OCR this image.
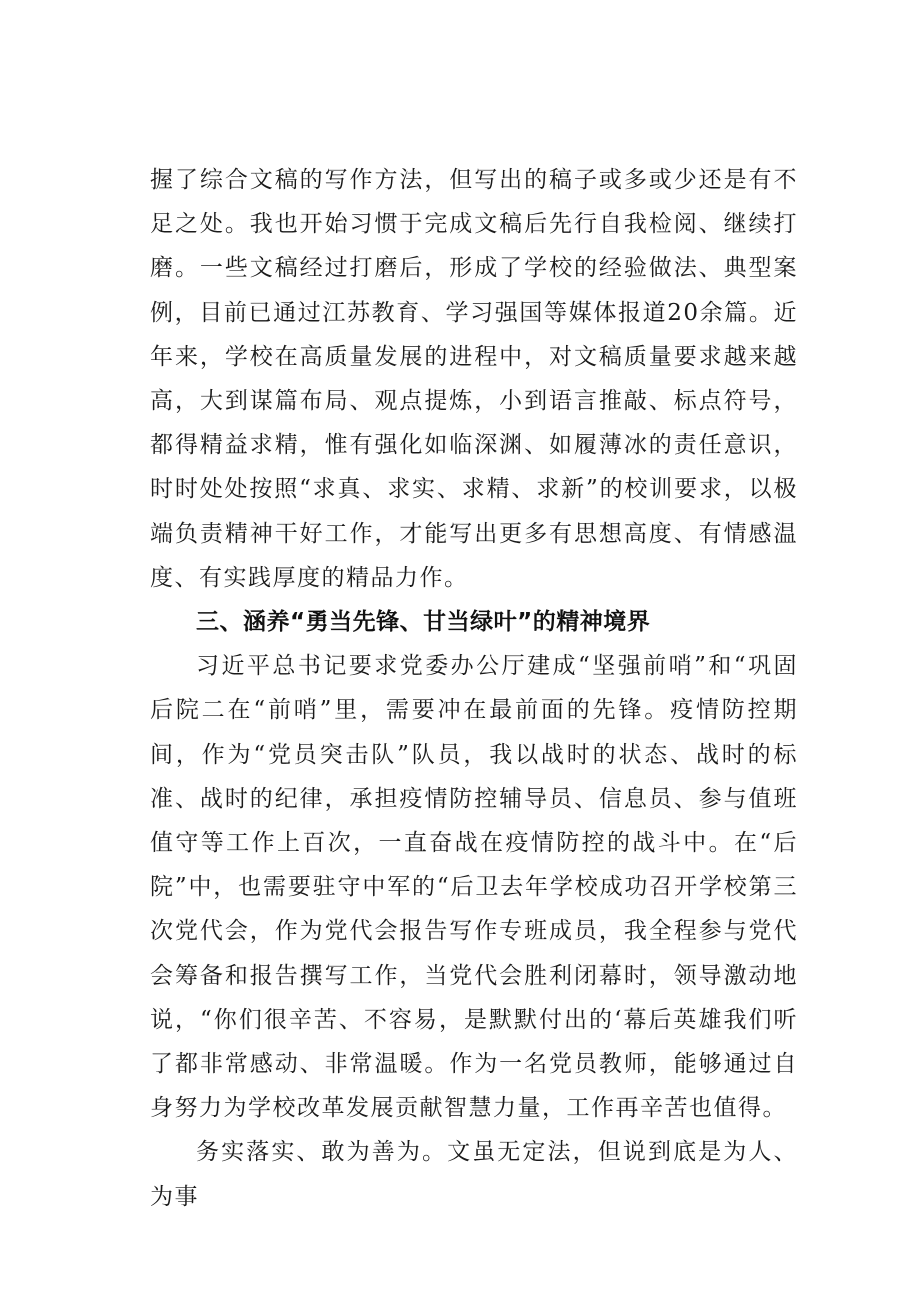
握了综合文稿的写作方法，但写出的稿子或多或少还是有不足之处。我也开始习惯于完成文稿后先行自我检阅、继续打磨。一些文稿经过打磨后，形成了学校的经验做法、典型案例，目前已通过江苏教育、学习强国等媒体报道20余篇。近年来，学校在高质量发展的进程中，对文稿质量要求越来越高，大到谋篇布局、观点提炼，小到语言推敲、标点符号，都得精益求精，惟有强化如临深渊、如履薄冰的责任意识，时时处处按照“求真、求实、求精、求新”的校训要求，以极端负责精神干好工作，才能写出更多有思想高度、有情感温度、有实践厚度的精品力作。

三、涵养“勇当先锋、甘当绿叶”的精神境界

习近平总书记要求党委办公厅建成“坚强前哨”和“巩固后院二在“前哨”里，需要冲在最前面的先锋。疫情防控期间，作为“党员突击队”队员，我以战时的状态、战时的标准、战时的纪律，承担疫情防控辅导员、信息员、参与值班值守等工作上百次，一直奋战在疫情防控的战斗中。在“后院”中，也需要驻守中军的“后卫去年学校成功召开学校第三次党代会，作为党代会报告写作专班成员，我全程参与党代会筹备和报告撰写工作，当党代会胜利闭幕时，领导激动地说，“你们很辛苦、不容易，是默默付出的‘幕后英雄我们听了都非常感动、非常温暖。作为一名党员教师，能够通过自身努力为学校改革发展贡献智慧力量，工作再辛苦也值得。

务实落实、敢为善为。文虽无定法，但说到底是为人、为事
